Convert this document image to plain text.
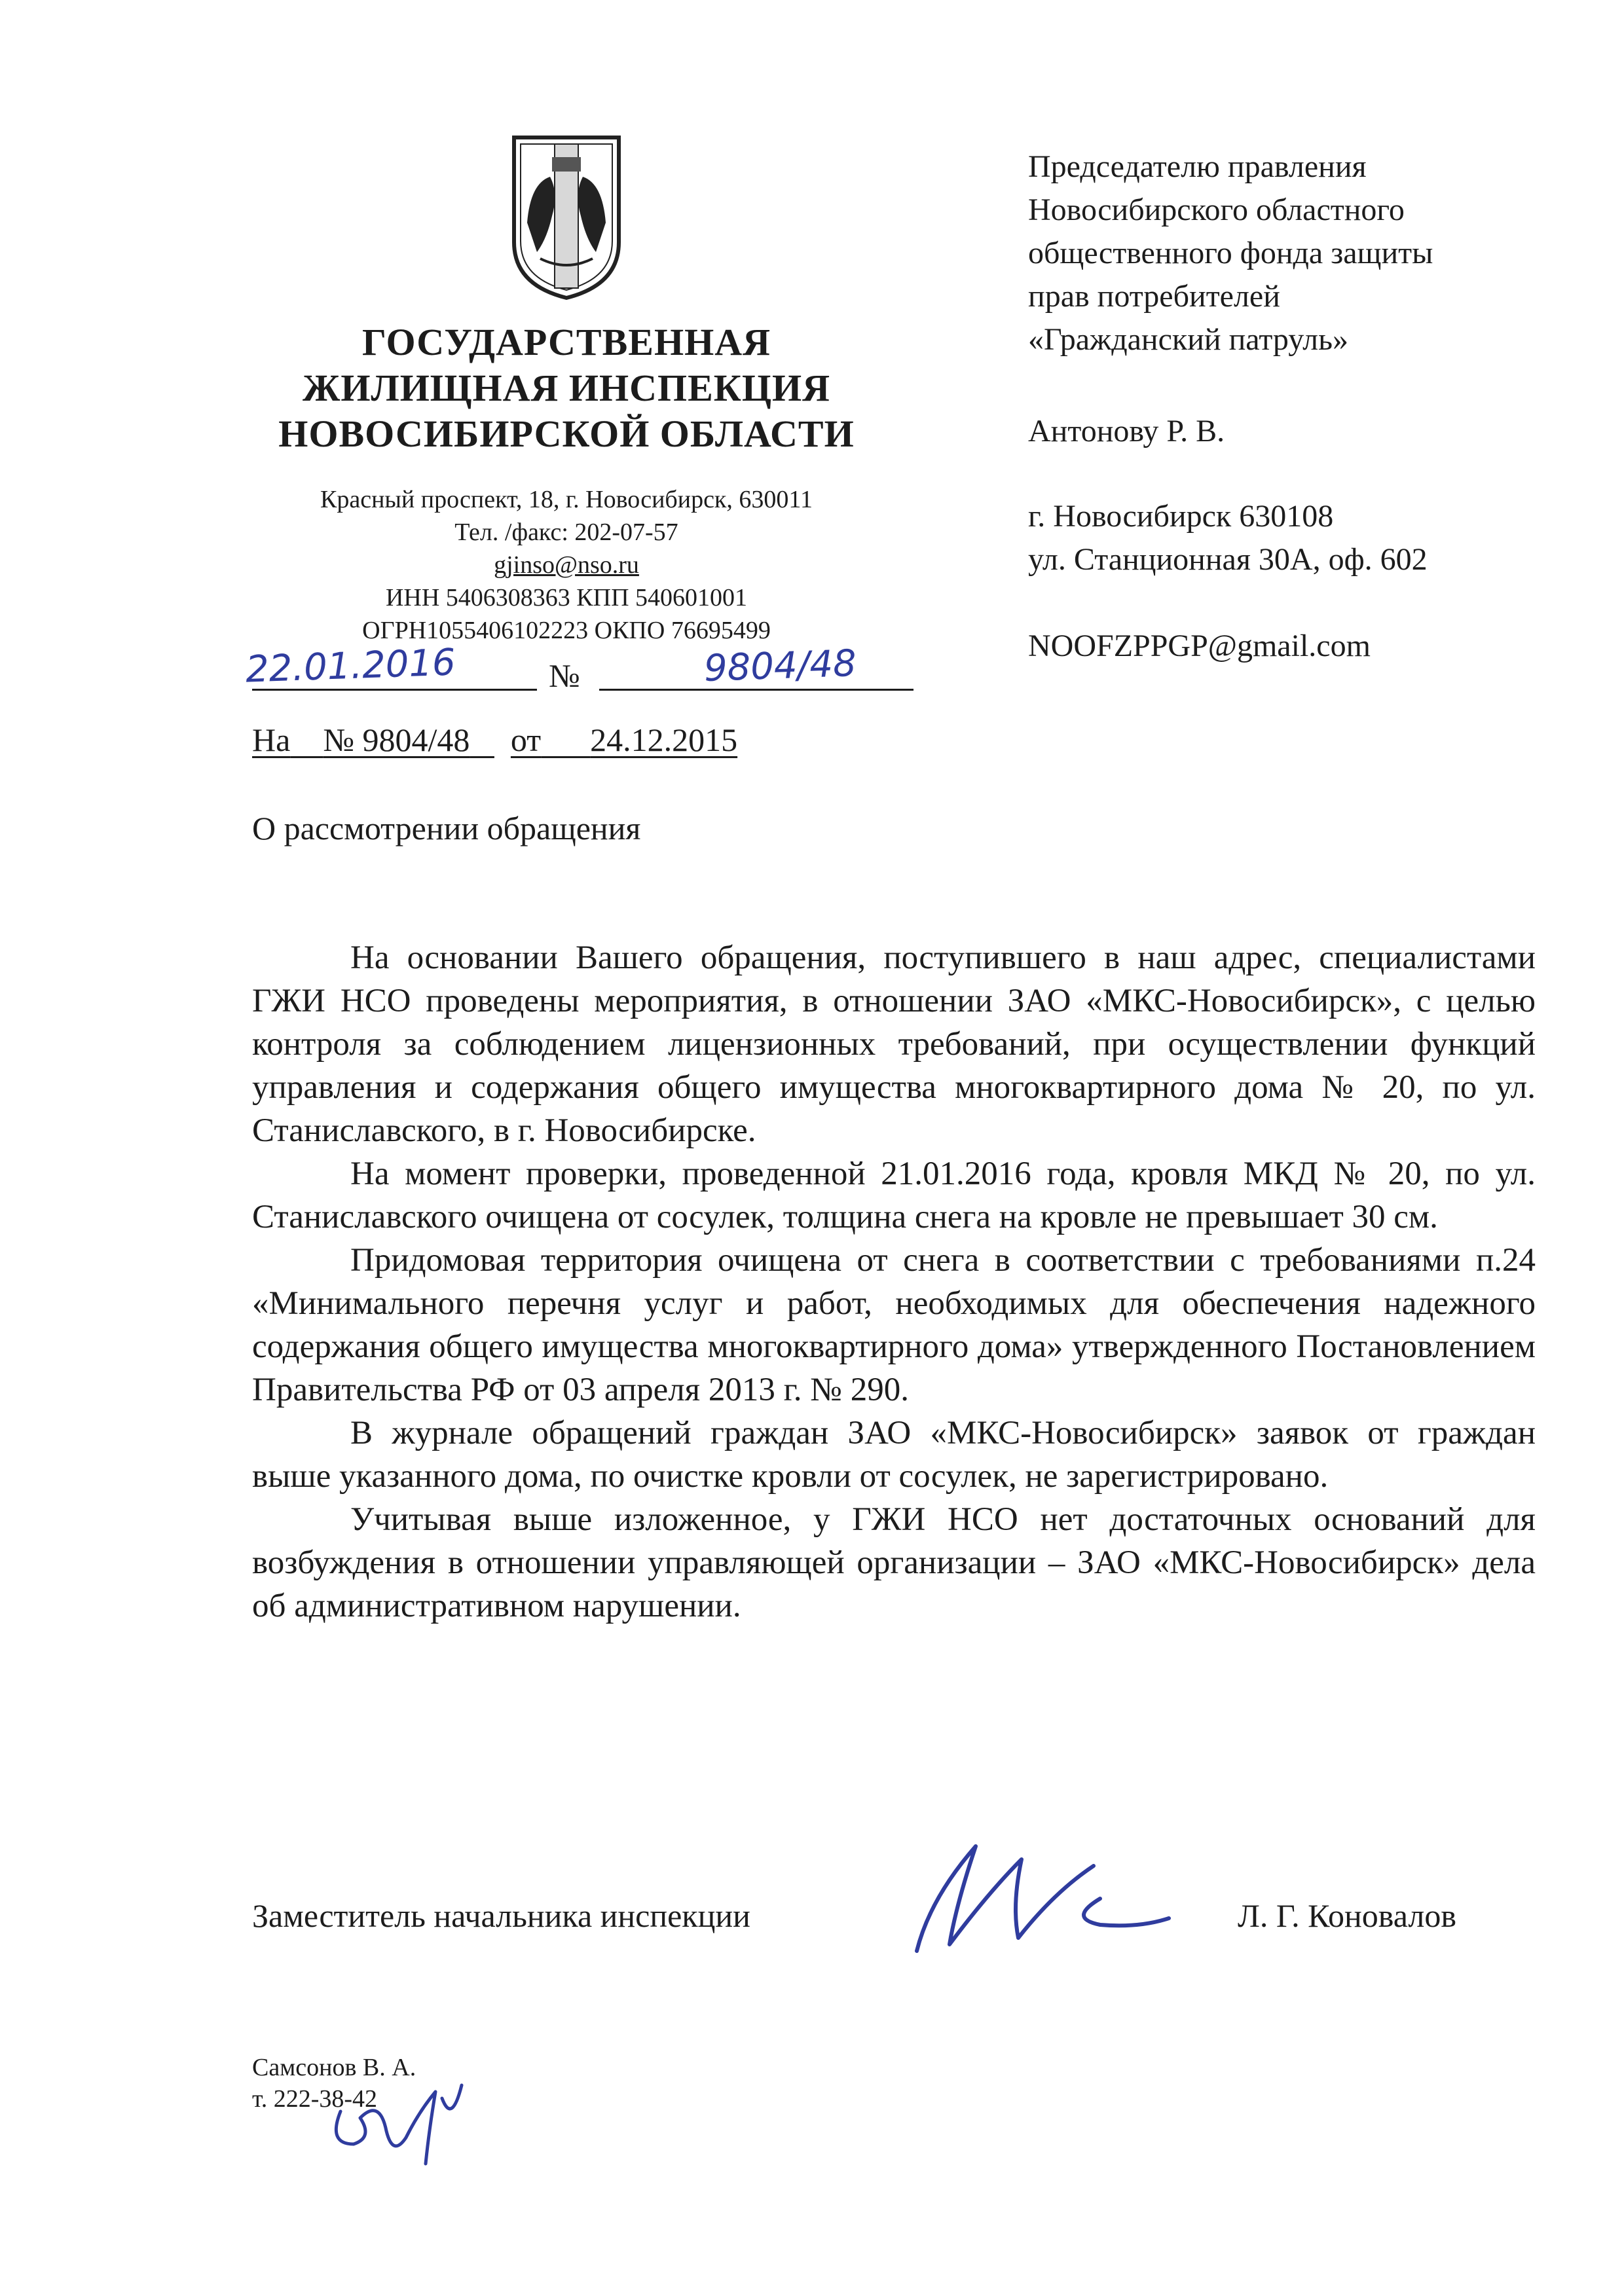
ГОСУДАРСТВЕННАЯ
ЖИЛИЩНАЯ ИНСПЕКЦИЯ
НОВОСИБИРСКОЙ ОБЛАСТИ
Красный проспект, 18, г. Новосибирск, 630011
Тел. /факс: 202-07-57
gjinso@nso.ru
ИНН 5406308363 КПП 540601001
ОГРН1055406102223 ОКПО 76695499
22.01.2016	№	9804/48
На № 9804/48 от 24.12.2015
Председателю правления
Новосибирского областного
общественного фонда защиты
прав потребителей
«Гражданский патруль»
Антонову Р. В.
г. Новосибирск 630108
ул. Станционная 30А, оф. 602
NOOFZPPGP@gmail.com
О рассмотрении обращения

На основании Вашего обращения, поступившего в наш адрес, специалистами ГЖИ НСО проведены мероприятия, в отношении ЗАО «МКС-Новосибирск», с целью контроля за соблюдением лицензионных требований, при осуществлении функций управления и содержания общего имущества многоквартирного дома № 20, по ул. Станиславского, в г. Новосибирске.

На момент проверки, проведенной 21.01.2016 года, кровля МКД № 20, по ул. Станиславского очищена от сосулек, толщина снега на кровле не превышает 30 см.

Придомовая территория очищена от снега в соответствии с требованиями п.24 «Минимального перечня услуг и работ, необходимых для обеспечения надежного содержания общего имущества многоквартирного дома» утвержденного Постановлением Правительства РФ от 03 апреля 2013 г. № 290.

В журнале обращений граждан ЗАО «МКС-Новосибирск» заявок от граждан выше указанного дома, по очистке кровли от сосулек, не зарегистрировано.

Учитывая выше изложенное, у ГЖИ НСО нет достаточных оснований для возбуждения в отношении управляющей организации – ЗАО «МКС-Новосибирск» дела об административном нарушении.

Заместитель начальника инспекции	Л. Г. Коновалов
Самсонов В. А.
т. 222-38-42
